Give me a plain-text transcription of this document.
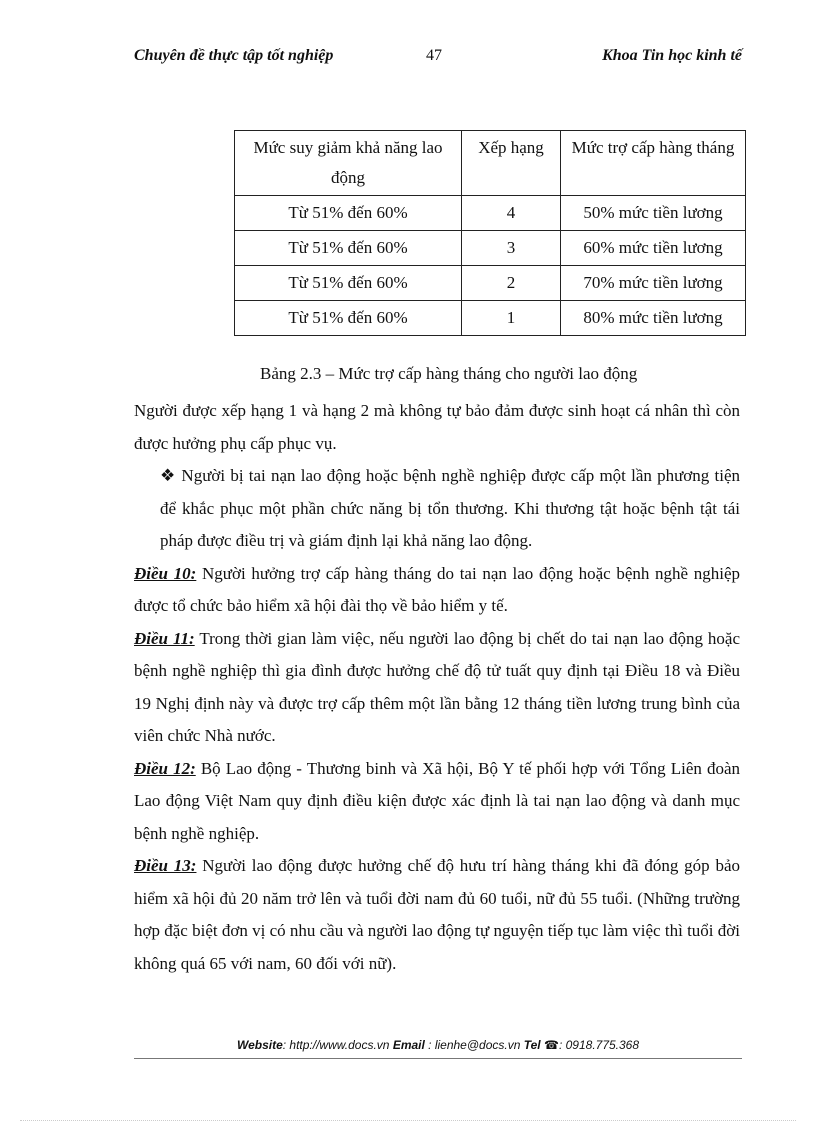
Chuyên đề thực tập tốt nghiệp	47	Khoa Tin học kinh tế
Mức suy giảm khả năng lao động	Xếp hạng	Mức trợ cấp hàng tháng
Từ 51% đến 60%	4	50% mức tiền lương
Từ 51% đến 60%	3	60% mức tiền lương
Từ 51% đến 60%	2	70% mức tiền lương
Từ 51% đến 60%	1	80% mức tiền lương
Bảng 2.3 – Mức trợ cấp hàng tháng cho người lao động

Người được xếp hạng 1 và hạng 2 mà không tự bảo đảm được sinh hoạt cá nhân thì còn được hưởng phụ cấp phục vụ.

❖ Người bị tai nạn lao động hoặc bệnh nghề nghiệp được cấp một lần phương tiện để khắc phục một phần chức năng bị tổn thương. Khi thương tật hoặc bệnh tật tái pháp được điều trị và giám định lại khả năng lao động.

Điều 10: Người hưởng trợ cấp hàng tháng do tai nạn lao động hoặc bệnh nghề nghiệp được tổ chức bảo hiểm xã hội đài thọ về bảo hiểm y tế.

Điều 11: Trong thời gian làm việc, nếu người lao động bị chết do tai nạn lao động hoặc bệnh nghề nghiệp thì gia đình được hưởng chế độ tử tuất quy định tại Điều 18 và Điều 19 Nghị định này và được trợ cấp thêm một lần bằng 12 tháng tiền lương trung bình của viên chức Nhà nước.

Điều 12: Bộ Lao động - Thương binh và Xã hội, Bộ Y tế phối hợp với Tổng Liên đoàn Lao động Việt Nam quy định điều kiện được xác định là tai nạn lao động và danh mục bệnh nghề nghiệp.

Điều 13: Người lao động được hưởng chế độ hưu trí hàng tháng khi đã đóng góp bảo hiểm xã hội đủ 20 năm trở lên và tuổi đời nam đủ 60 tuổi, nữ đủ 55 tuổi. (Những trường hợp đặc biệt đơn vị có nhu cầu và người lao động tự nguyện tiếp tục làm việc thì tuổi đời không quá 65 với nam, 60 đối với nữ).

Website: http://www.docs.vn Email : lienhe@docs.vn Tel ☎: 0918.775.368
